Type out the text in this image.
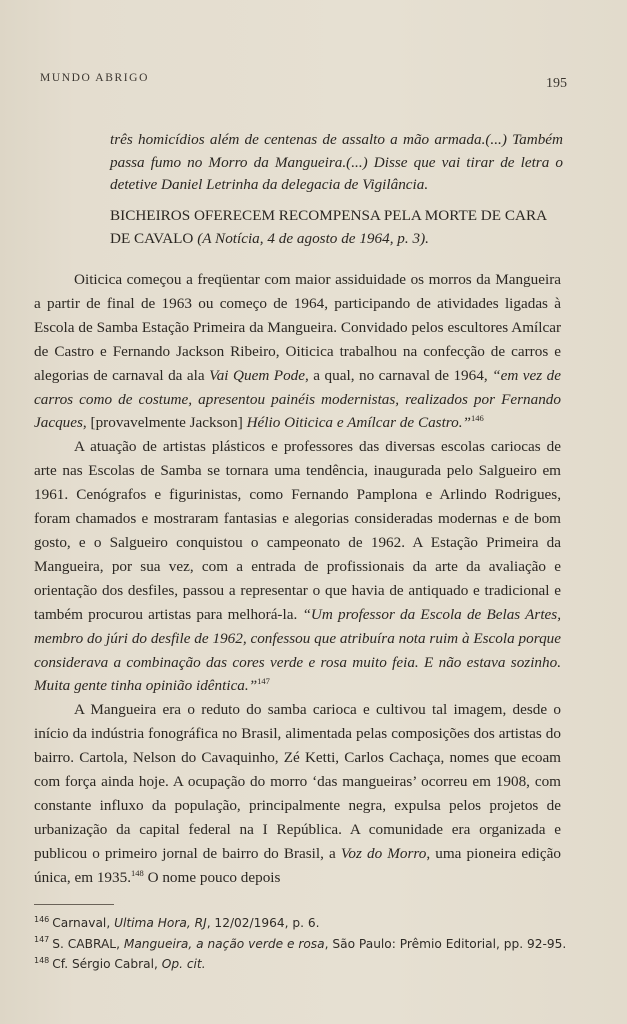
MUNDO ABRIGO	195
três homicídios além de centenas de assalto a mão armada.(...) Também passa fumo no Morro da Mangueira.(...) Disse que vai tirar de letra o detetive Daniel Letrinha da delegacia de Vigilância.
BICHEIROS OFERECEM RECOMPENSA PELA MORTE DE CARA DE CAVALO (A Notícia, 4 de agosto de 1964, p. 3).

Oiticica começou a freqüentar com maior assiduidade os morros da Mangueira a partir de final de 1963 ou começo de 1964, participando de atividades ligadas à Escola de Samba Estação Primeira da Mangueira. Convidado pelos escultores Amílcar de Castro e Fernando Jackson Ribeiro, Oiticica trabalhou na confecção de carros e alegorias de carnaval da ala Vai Quem Pode, a qual, no carnaval de 1964, “em vez de carros como de costume, apresentou painéis modernistas, realizados por Fernando Jacques, [provavelmente Jackson] Hélio Oiticica e Amílcar de Castro.”$^{146}$

A atuação de artistas plásticos e professores das diversas escolas cariocas de arte nas Escolas de Samba se tornara uma tendência, inaugurada pelo Salgueiro em 1961. Cenógrafos e figurinistas, como Fernando Pamplona e Arlindo Rodrigues, foram chamados e mostraram fantasias e alegorias consideradas modernas e de bom gosto, e o Salgueiro conquistou o campeonato de 1962. A Estação Primeira da Mangueira, por sua vez, com a entrada de profissionais da arte da avaliação e orientação dos desfiles, passou a representar o que havia de antiquado e tradicional e também procurou artistas para melhorá-la. “Um professor da Escola de Belas Artes, membro do júri do desfile de 1962, confessou que atribuíra nota ruim à Escola porque considerava a combinação das cores verde e rosa muito feia. E não estava sozinho. Muita gente tinha opinião idêntica.”$^{147}$

A Mangueira era o reduto do samba carioca e cultivou tal imagem, desde o início da indústria fonográfica no Brasil, alimentada pelas composições dos artistas do bairro. Cartola, Nelson do Cavaquinho, Zé Ketti, Carlos Cachaça, nomes que ecoam com força ainda hoje. A ocupação do morro ‘das mangueiras’ ocorreu em 1908, com constante influxo da população, principalmente negra, expulsa pelos projetos de urbanização da capital federal na I República. A comunidade era organizada e publicou o primeiro jornal de bairro do Brasil, a Voz do Morro, uma pioneira edição única, em 1935.$^{148}$ O nome pouco depois

$^{146}$ Carnaval, Ultima Hora, RJ, 12/02/1964, p. 6.
$^{147}$ S. CABRAL, Mangueira, a nação verde e rosa, São Paulo: Prêmio Editorial, pp. 92-95.
$^{148}$ Cf. Sérgio Cabral, Op. cit.
